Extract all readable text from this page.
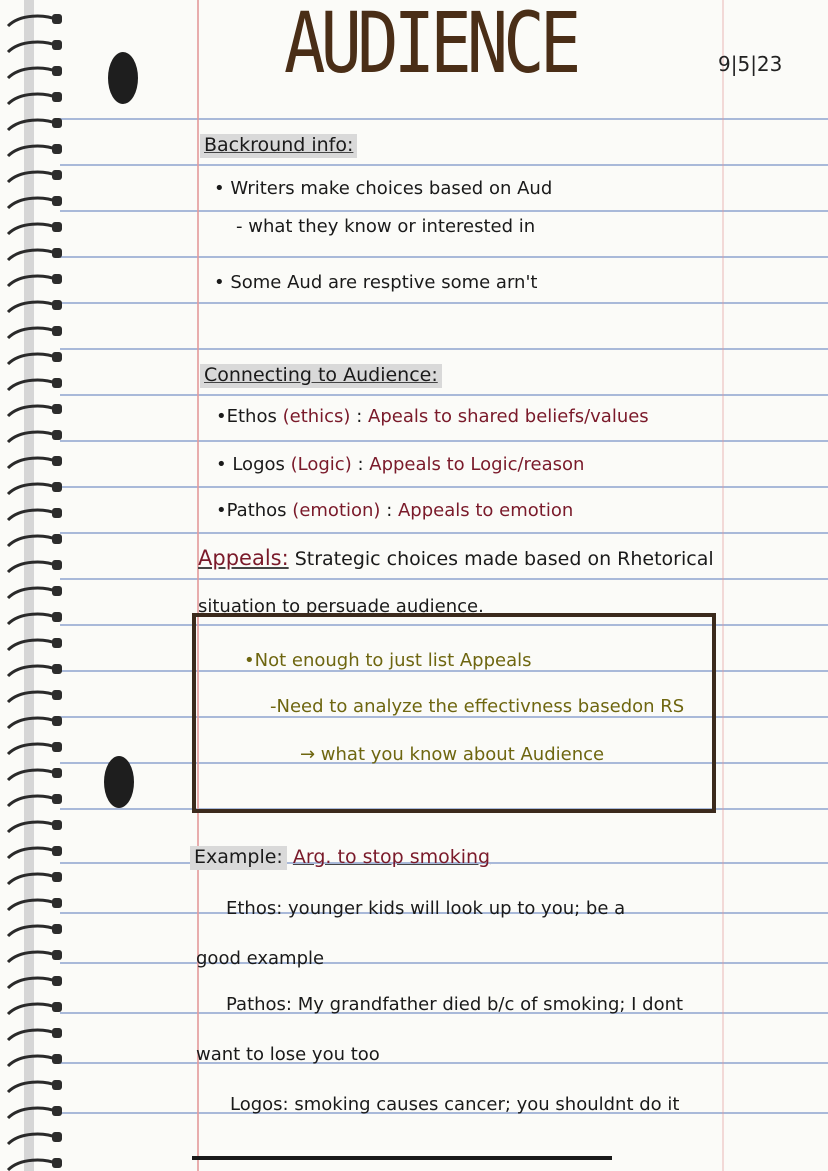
AUDIENCE	9|5|23
Backround info:
• Writers make choices based on Aud
- what they know or interested in
• Some Aud are resptive some arn't
Connecting to Audience:
•Ethos (ethics) : Apeals to shared beliefs/values
• Logos (Logic) : Appeals to Logic/reason
•Pathos (emotion) : Appeals to emotion
Appeals: Strategic choices made based on Rhetorical
situation to persuade audience.
•Not enough to just list Appeals
-Need to analyze the effectivness basedon RS
→ what you know about Audience
Example: Arg. to stop smoking
Ethos: younger kids will look up to you; be a
good example
Pathos: My grandfather died b/c of smoking; I dont
want to lose you too
Logos: smoking causes cancer; you shouldnt do it
